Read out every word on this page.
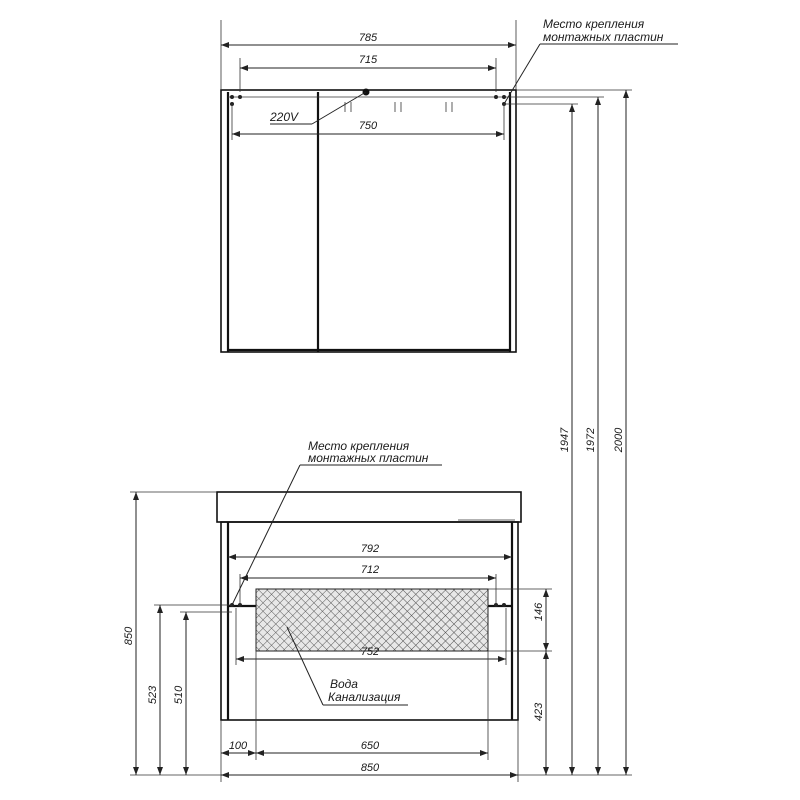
785
715
750
220V
Место крепления
монтажных пластин
1947 1972 2000
792
712
752
146
423
850
523 510
100	650
850
Место крепления
монтажных пластин
Вода
Канализация
